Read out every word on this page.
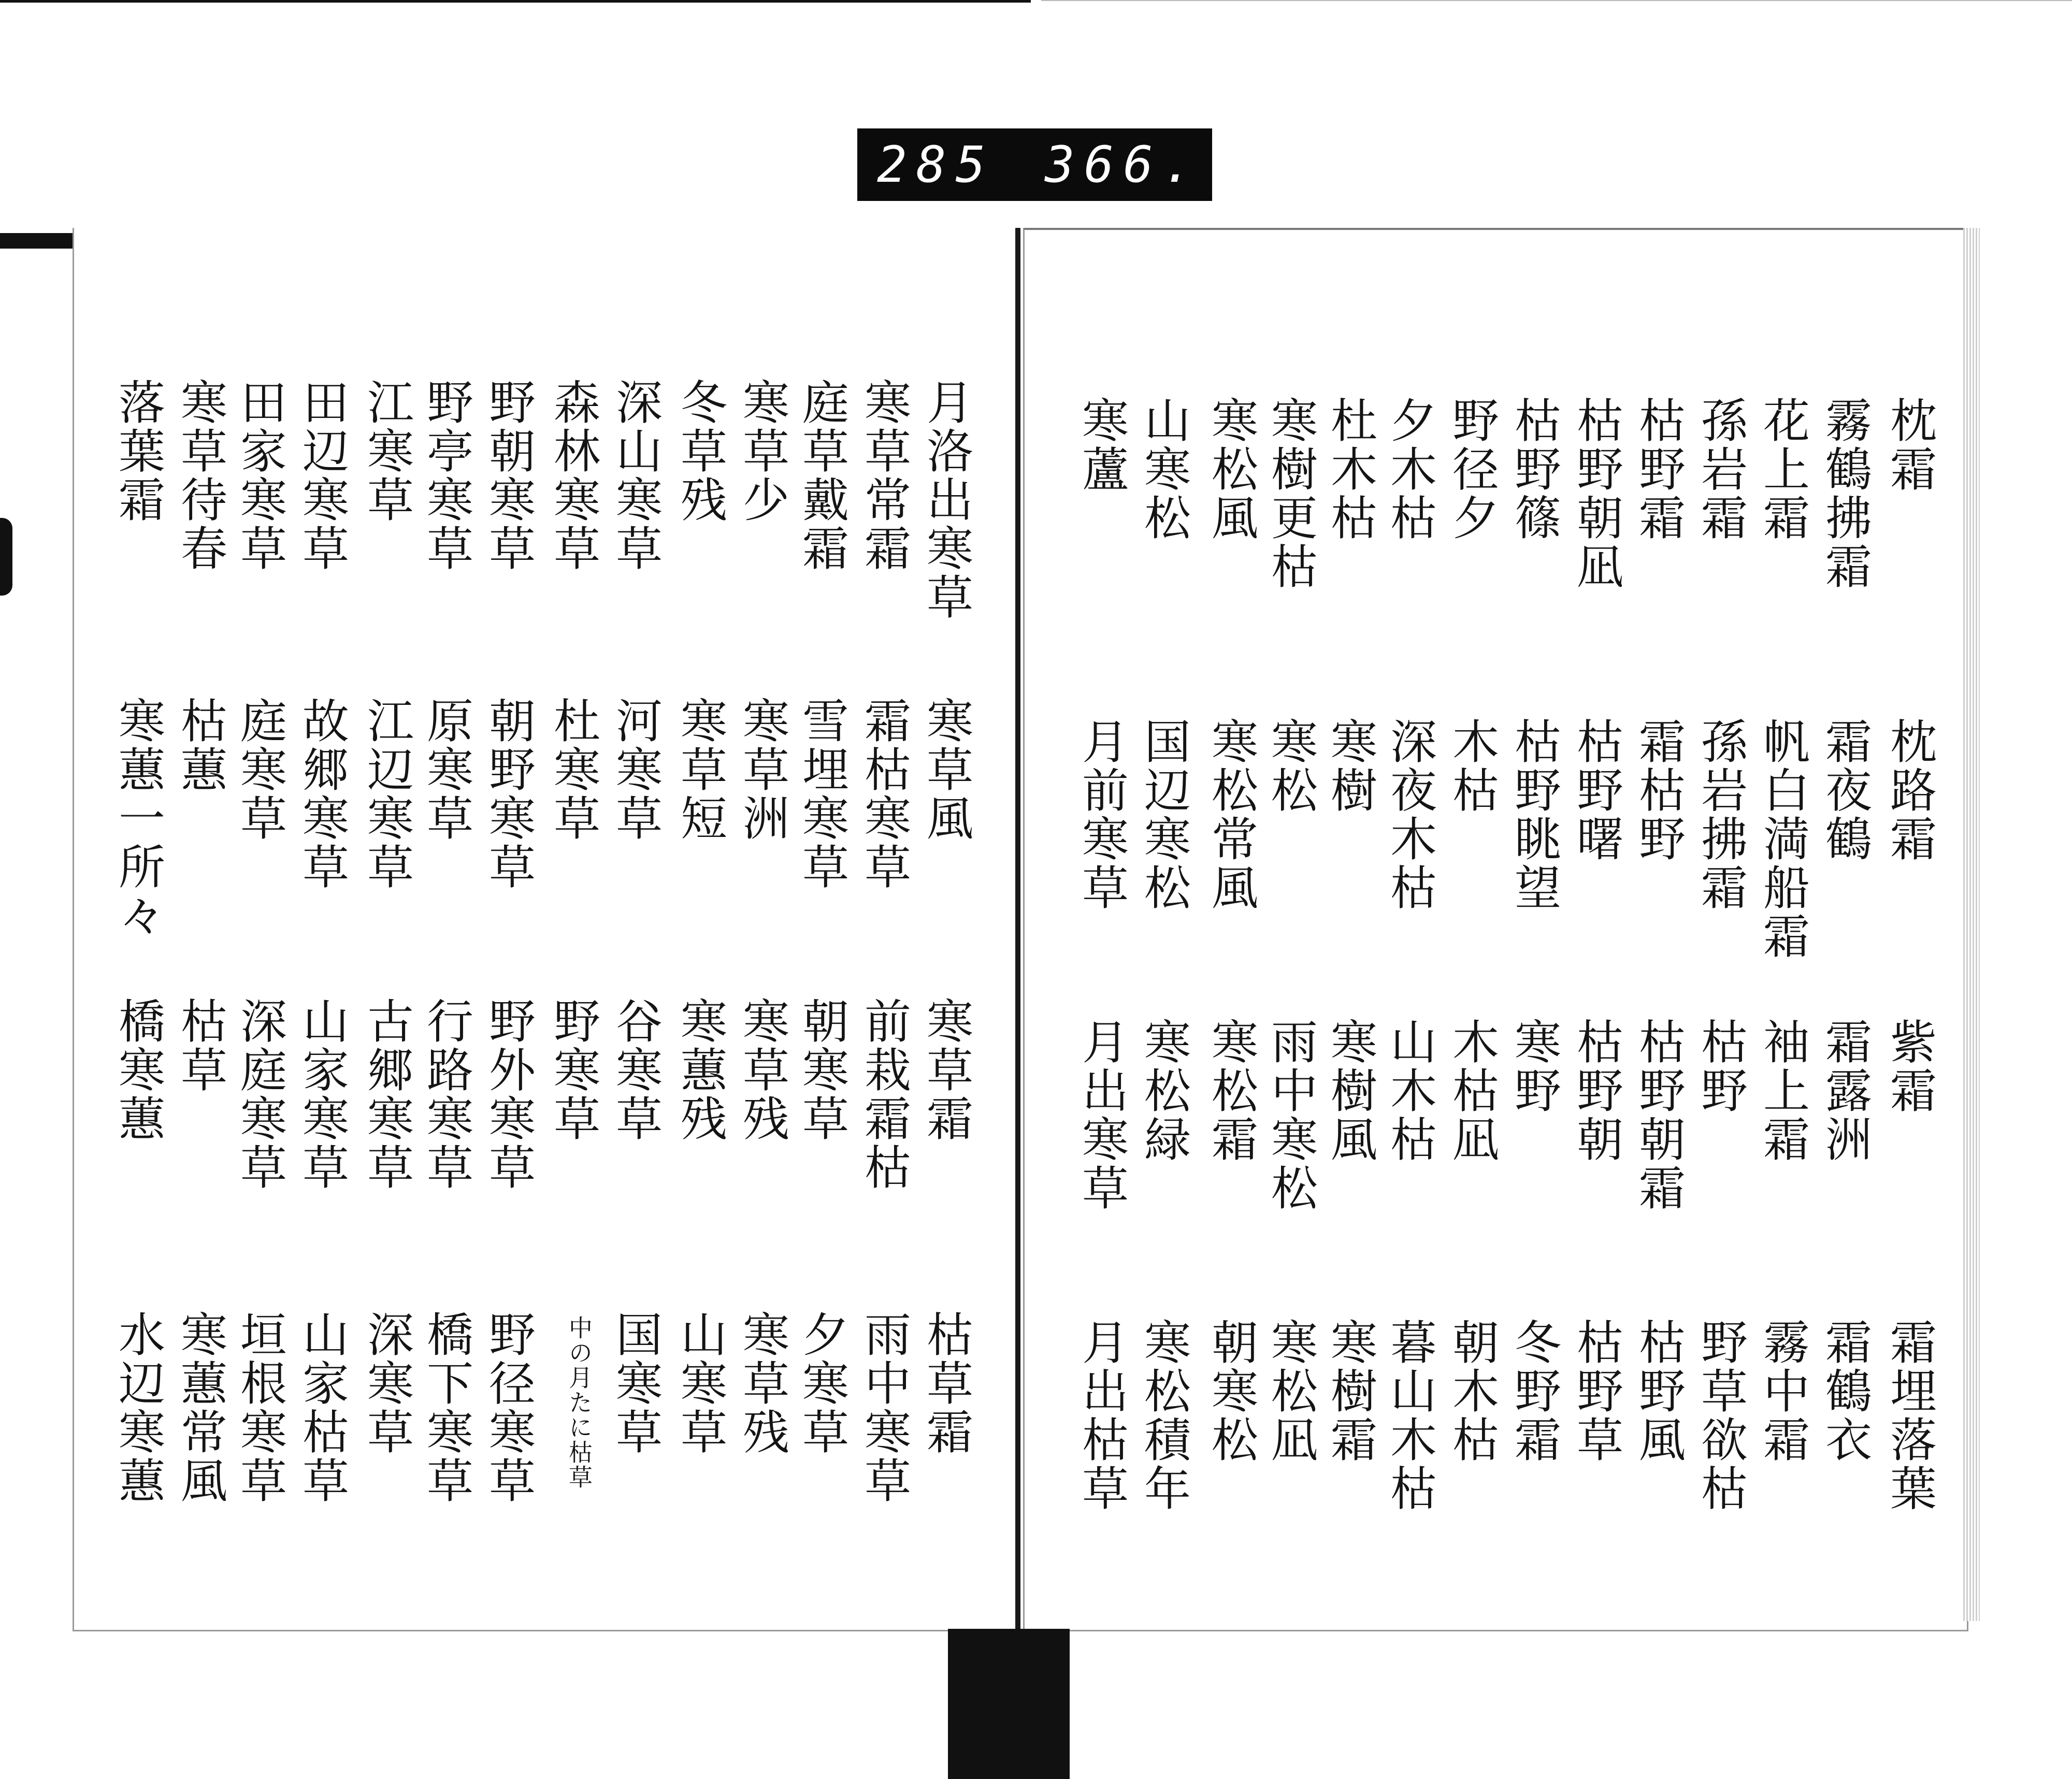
285 366.
枕霜
霧鶴拂霜
花上霜
孫岩霜
枯野霜
枯野朝凪
枯野篠
野径夕
夕木枯
杜木枯
寒樹更枯
寒松風
山寒松
寒蘆
枕路霜
霜夜鶴
帆白満船霜
孫岩拂霜
霜枯野
枯野曙
枯野眺望
木枯
深夜木枯
寒樹
寒松
寒松常風
国辺寒松
月前寒草
紫霜
霜露洲
袖上霜
枯野
枯野朝霜
枯野朝
寒野
木枯凪
山木枯
寒樹風
雨中寒松
寒松霜
寒松緑
月出寒草
霜埋落葉
霜鶴衣
霧中霜
野草欲枯
枯野風
枯野草
冬野霜
朝木枯
暮山木枯
寒樹霜
寒松凪
朝寒松
寒松積年
月出枯草
月洛出寒草
寒草常霜
庭草戴霜
寒草少
冬草残
深山寒草
森林寒草
野朝寒草
野亭寒草
江寒草
田辺寒草
田家寒草
寒草待春
落葉霜
寒草風
霜枯寒草
雪埋寒草
寒草洲
寒草短
河寒草
杜寒草
朝野寒草
原寒草
江辺寒草
故郷寒草
庭寒草
枯蕙
寒蕙一所々
寒草霜
前栽霜枯
朝寒草
寒草残
寒蕙残
谷寒草
野寒草
野外寒草
行路寒草
古郷寒草
山家寒草
深庭寒草
枯草
橋寒蕙
枯草霜
雨中寒草
夕寒草
寒草残
山寒草
国寒草
中の月たに枯草
野径寒草
橋下寒草
深寒草
山家枯草
垣根寒草
寒蕙常風
水辺寒蕙
